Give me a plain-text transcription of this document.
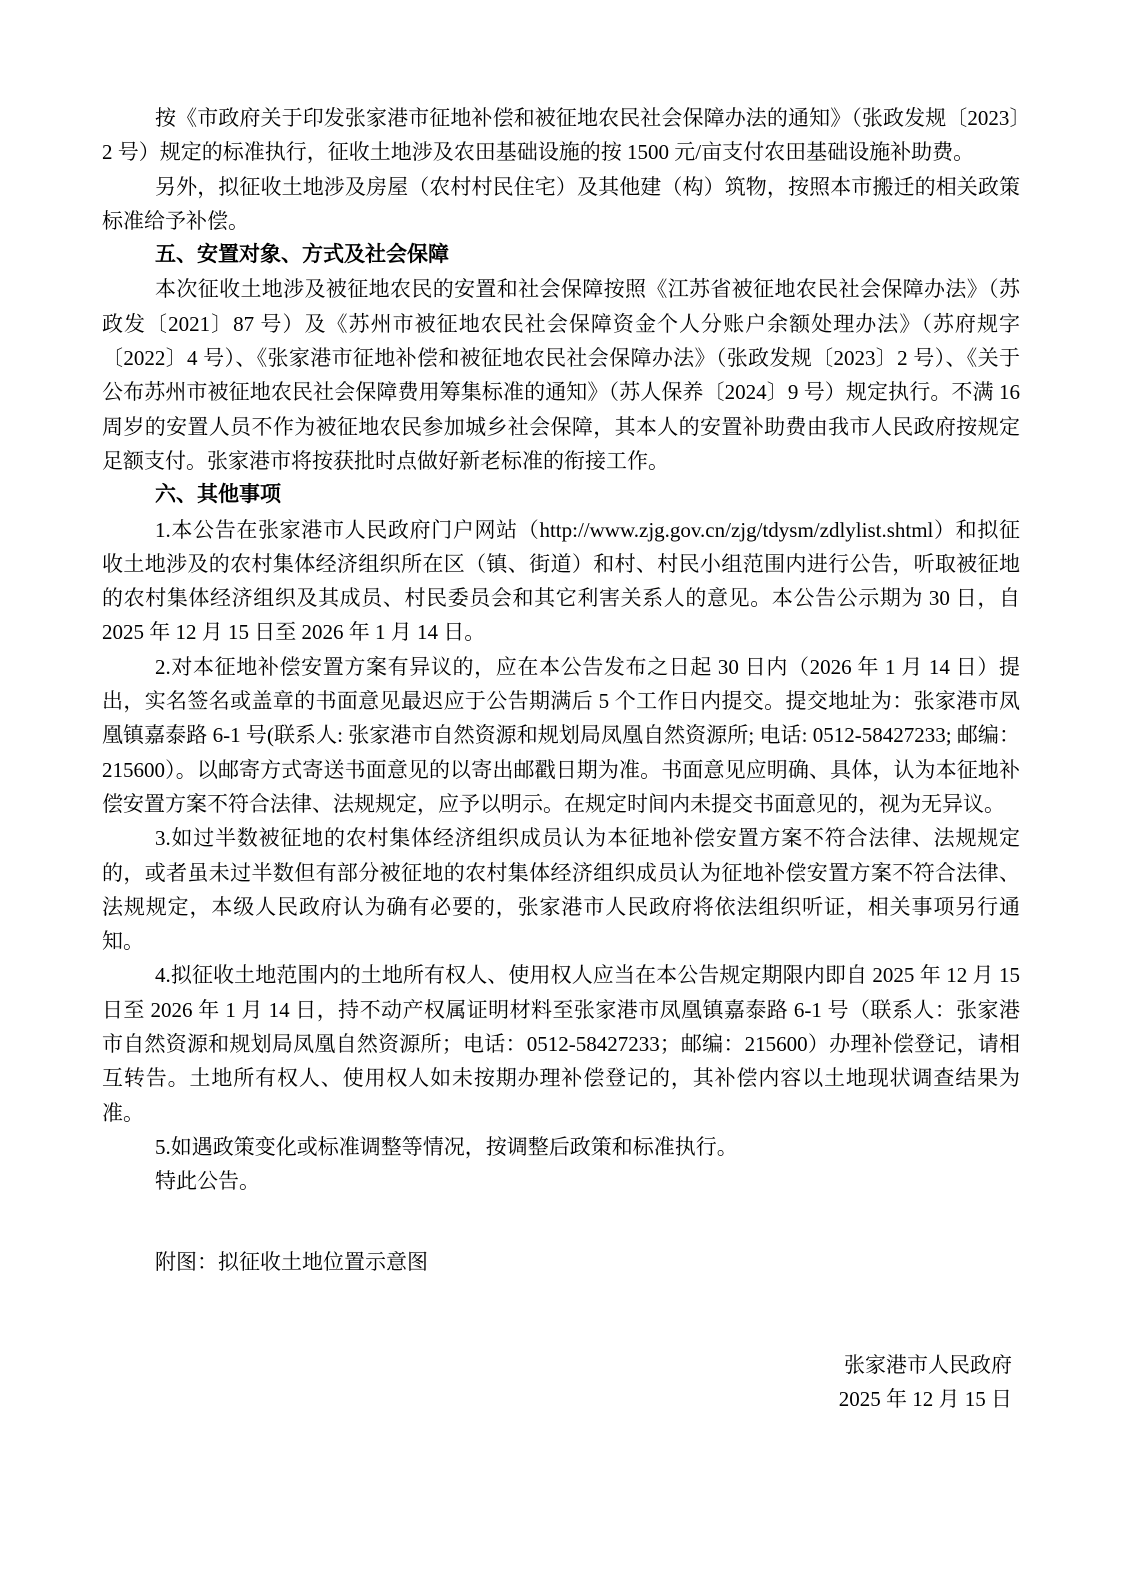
按《市政府关于印发张家港市征地补偿和被征地农民社会保障办法的通知》（张政发规〔2023〕2 号）规定的标准执行，征收土地涉及农田基础设施的按 1500 元/亩支付农田基础设施补助费。

另外，拟征收土地涉及房屋（农村村民住宅）及其他建（构）筑物，按照本市搬迁的相关政策标准给予补偿。

五、安置对象、方式及社会保障

本次征收土地涉及被征地农民的安置和社会保障按照《江苏省被征地农民社会保障办法》（苏政发〔2021〕87 号）及《苏州市被征地农民社会保障资金个人分账户余额处理办法》（苏府规字〔2022〕4 号）、《张家港市征地补偿和被征地农民社会保障办法》（张政发规〔2023〕2 号）、《关于公布苏州市被征地农民社会保障费用筹集标准的通知》（苏人保养〔2024〕9 号）规定执行。不满 16 周岁的安置人员不作为被征地农民参加城乡社会保障，其本人的安置补助费由我市人民政府按规定足额支付。张家港市将按获批时点做好新老标准的衔接工作。

六、其他事项

1.本公告在张家港市人民政府门户网站（http://www.zjg.gov.cn/zjg/tdysm/zdlylist.shtml）和拟征收土地涉及的农村集体经济组织所在区（镇、街道）和村、村民小组范围内进行公告，听取被征地的农村集体经济组织及其成员、村民委员会和其它利害关系人的意见。本公告公示期为 30 日，自 2025 年 12 月 15 日至 2026 年 1 月 14 日。

2.对本征地补偿安置方案有异议的，应在本公告发布之日起 30 日内（2026 年 1 月 14 日）提出，实名签名或盖章的书面意见最迟应于公告期满后 5 个工作日内提交。提交地址为：张家港市凤凰镇嘉泰路 6-1 号(联系人: 张家港市自然资源和规划局凤凰自然资源所; 电话: 0512-58427233; 邮编：215600）。以邮寄方式寄送书面意见的以寄出邮戳日期为准。书面意见应明确、具体，认为本征地补偿安置方案不符合法律、法规规定，应予以明示。在规定时间内未提交书面意见的，视为无异议。

3.如过半数被征地的农村集体经济组织成员认为本征地补偿安置方案不符合法律、法规规定的，或者虽未过半数但有部分被征地的农村集体经济组织成员认为征地补偿安置方案不符合法律、法规规定，本级人民政府认为确有必要的，张家港市人民政府将依法组织听证，相关事项另行通知。

4.拟征收土地范围内的土地所有权人、使用权人应当在本公告规定期限内即自 2025 年 12 月 15 日至 2026 年 1 月 14 日，持不动产权属证明材料至张家港市凤凰镇嘉泰路 6-1 号（联系人：张家港市自然资源和规划局凤凰自然资源所；电话：0512-58427233；邮编：215600）办理补偿登记，请相互转告。土地所有权人、使用权人如未按期办理补偿登记的，其补偿内容以土地现状调查结果为准。

5.如遇政策变化或标准调整等情况，按调整后政策和标准执行。

特此公告。

附图：拟征收土地位置示意图

张家港市人民政府

2025 年 12 月 15 日
